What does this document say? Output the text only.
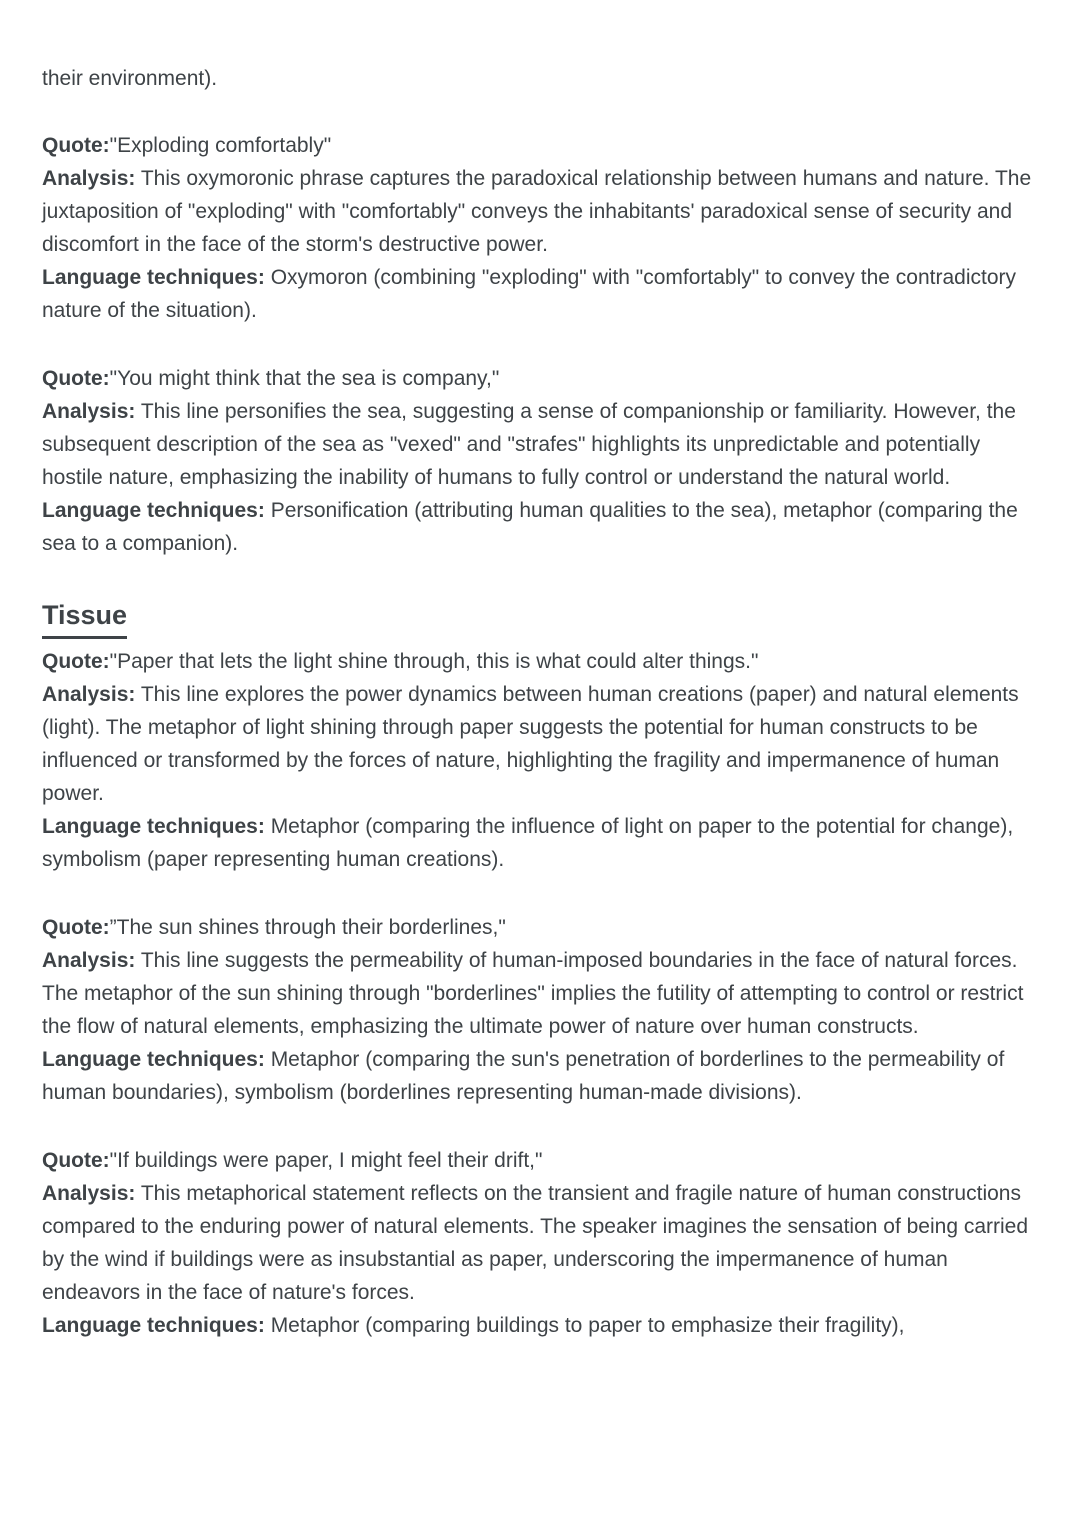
their environment).

Quote:"Exploding comfortably"
Analysis: This oxymoronic phrase captures the paradoxical relationship between humans and nature. The juxtaposition of "exploding" with "comfortably" conveys the inhabitants' paradoxical sense of security and discomfort in the face of the storm's destructive power.
Language techniques: Oxymoron (combining "exploding" with "comfortably" to convey the contradictory nature of the situation).

Quote:"You might think that the sea is company,"
Analysis: This line personifies the sea, suggesting a sense of companionship or familiarity. However, the subsequent description of the sea as "vexed" and "strafes" highlights its unpredictable and potentially hostile nature, emphasizing the inability of humans to fully control or understand the natural world.
Language techniques: Personification (attributing human qualities to the sea), metaphor (comparing the sea to a companion).

Tissue

Quote:"Paper that lets the light shine through, this is what could alter things."
Analysis: This line explores the power dynamics between human creations (paper) and natural elements (light). The metaphor of light shining through paper suggests the potential for human constructs to be influenced or transformed by the forces of nature, highlighting the fragility and impermanence of human power.
Language techniques: Metaphor (comparing the influence of light on paper to the potential for change), symbolism (paper representing human creations).

Quote:”The sun shines through their borderlines,"
Analysis: This line suggests the permeability of human-imposed boundaries in the face of natural forces. The metaphor of the sun shining through "borderlines" implies the futility of attempting to control or restrict the flow of natural elements, emphasizing the ultimate power of nature over human constructs.
Language techniques: Metaphor (comparing the sun's penetration of borderlines to the permeability of human boundaries), symbolism (borderlines representing human-made divisions).

Quote:"If buildings were paper, I might feel their drift,"
Analysis: This metaphorical statement reflects on the transient and fragile nature of human constructions compared to the enduring power of natural elements. The speaker imagines the sensation of being carried by the wind if buildings were as insubstantial as paper, underscoring the impermanence of human endeavors in the face of nature's forces.
Language techniques: Metaphor (comparing buildings to paper to emphasize their fragility),
